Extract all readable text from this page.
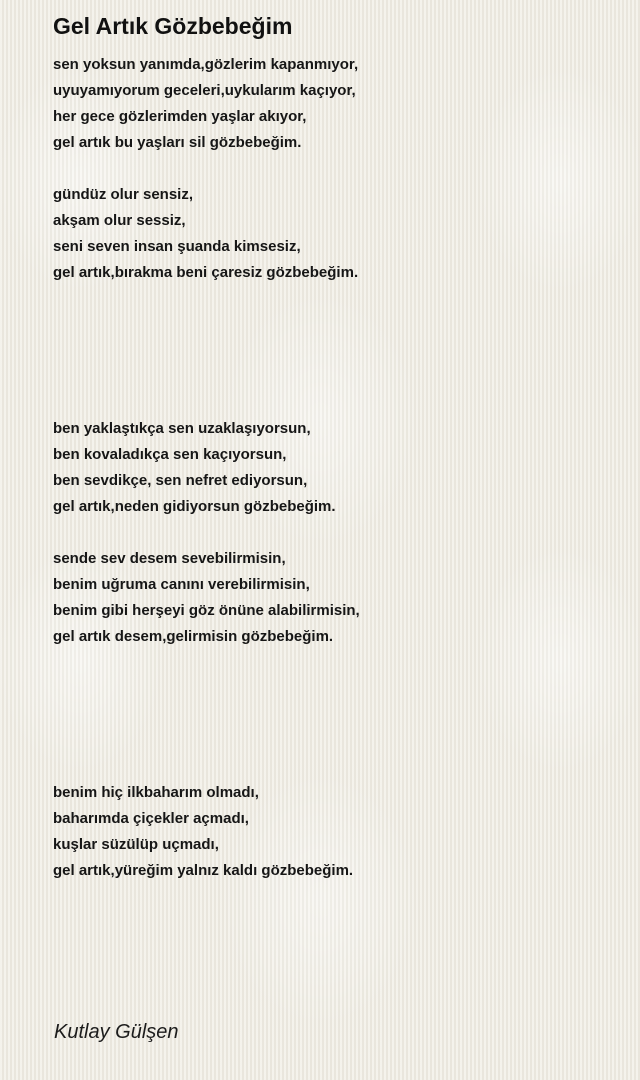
Gel Artık Gözbebeğim
sen yoksun yanımda,gözlerim kapanmıyor,
uyuyamıyorum geceleri,uykularım kaçıyor,
her gece gözlerimden yaşlar akıyor,
gel artık bu yaşları sil gözbebeğim.
gündüz olur sensiz,
akşam olur sessiz,
seni seven insan şuanda kimsesiz,
gel artık,bırakma beni çaresiz gözbebeğim.
ben yaklaştıkça sen uzaklaşıyorsun,
ben kovaladıkça sen kaçıyorsun,
ben sevdikçe, sen nefret ediyorsun,
gel artık,neden gidiyorsun gözbebeğim.
sende sev desem sevebilirmisin,
benim uğruma canını verebilirmisin,
benim gibi herşeyi göz önüne alabilirmisin,
gel artık desem,gelirmisin gözbebeğim.
benim hiç ilkbaharım olmadı,
baharımda çiçekler açmadı,
kuşlar süzülüp uçmadı,
gel artık,yüreğim yalnız kaldı gözbebeğim.
Kutlay Gülşen
